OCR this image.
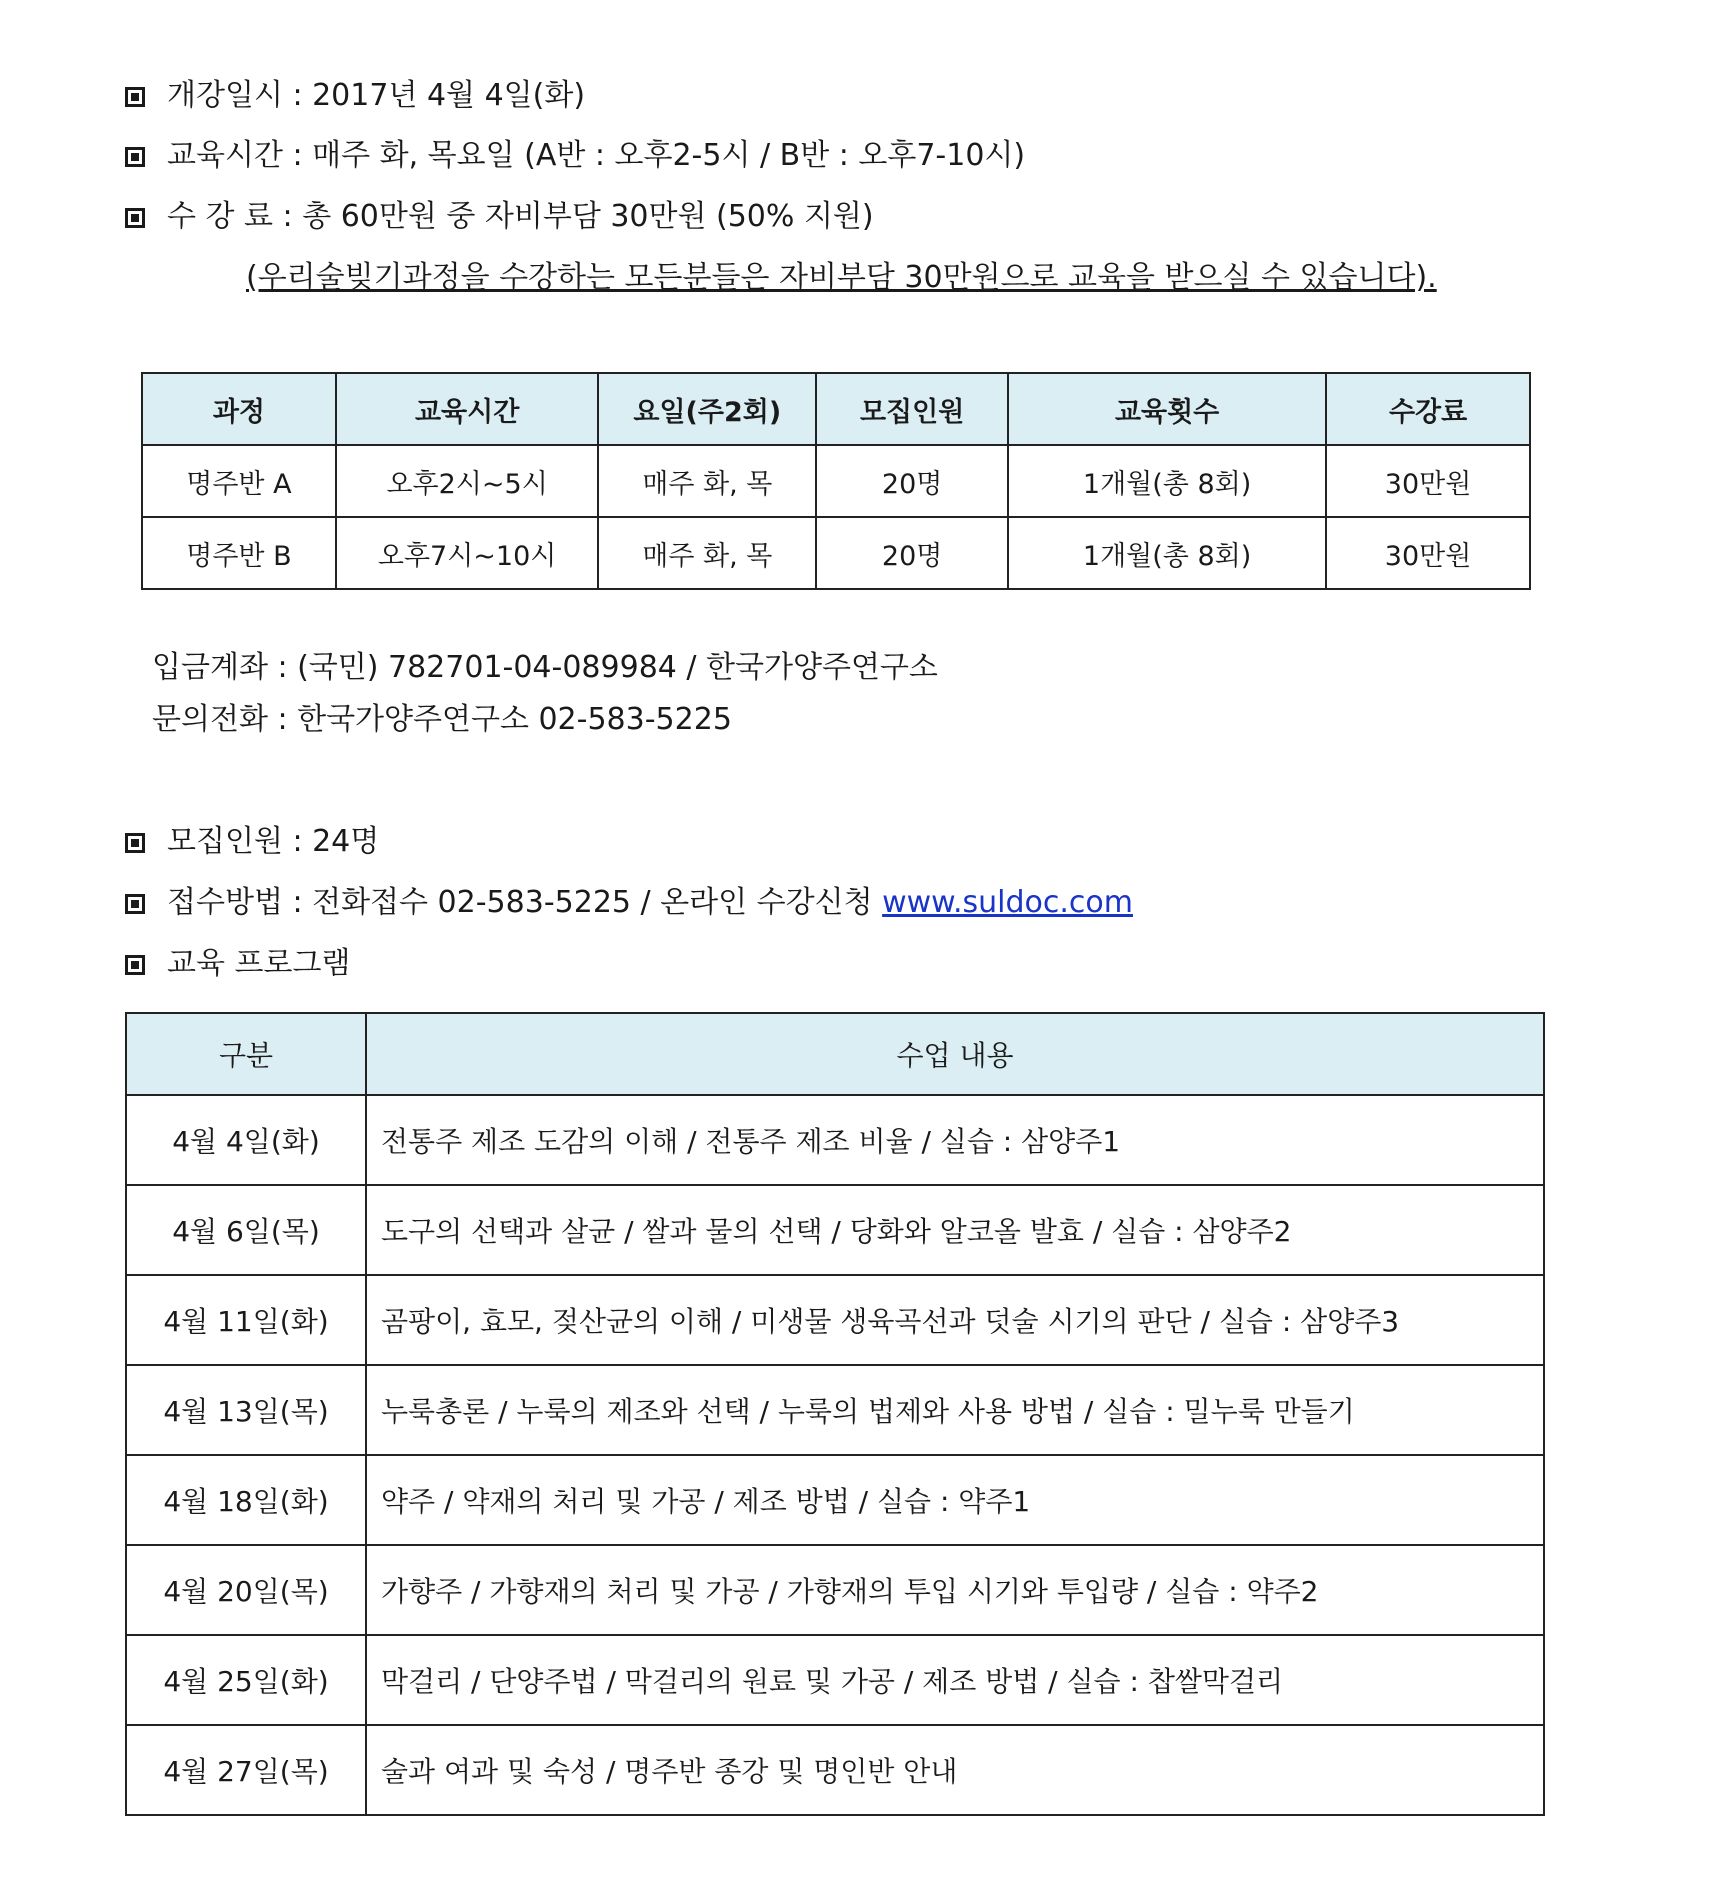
개강일시 : 2017년 4월 4일(화)
교육시간 : 매주 화, 목요일 (A반 : 오후2-5시 / B반 : 오후7-10시)
수 강 료 : 총 60만원 중 자비부담 30만원 (50% 지원)
(우리술빚기과정을 수강하는 모든분들은 자비부담 30만원으로 교육을 받으실 수 있습니다).
과정	교육시간	요일(주2회)	모집인원	교육횟수	수강료
명주반 A	오후2시~5시	매주 화, 목	20명	1개월(총 8회)	30만원
명주반 B	오후7시~10시	매주 화, 목	20명	1개월(총 8회)	30만원
입금계좌 : (국민) 782701-04-089984 / 한국가양주연구소
문의전화 : 한국가양주연구소 02-583-5225
모집인원 : 24명
접수방법 : 전화접수 02-583-5225 / 온라인 수강신청 www.suldoc.com
교육 프로그램
구분	수업 내용
4월 4일(화)	전통주 제조 도감의 이해 / 전통주 제조 비율 / 실습 : 삼양주1
4월 6일(목)	도구의 선택과 살균 / 쌀과 물의 선택 / 당화와 알코올 발효 / 실습 : 삼양주2
4월 11일(화)	곰팡이, 효모, 젖산균의 이해 / 미생물 생육곡선과 덧술 시기의 판단 / 실습 : 삼양주3
4월 13일(목)	누룩총론 / 누룩의 제조와 선택 / 누룩의 법제와 사용 방법 / 실습 : 밀누룩 만들기
4월 18일(화)	약주 / 약재의 처리 및 가공 / 제조 방법 / 실습 : 약주1
4월 20일(목)	가향주 / 가향재의 처리 및 가공 / 가향재의 투입 시기와 투입량 / 실습 : 약주2
4월 25일(화)	막걸리 / 단양주법 / 막걸리의 원료 및 가공 / 제조 방법 / 실습 : 찹쌀막걸리
4월 27일(목)	술과 여과 및 숙성 / 명주반 종강 및 명인반 안내
